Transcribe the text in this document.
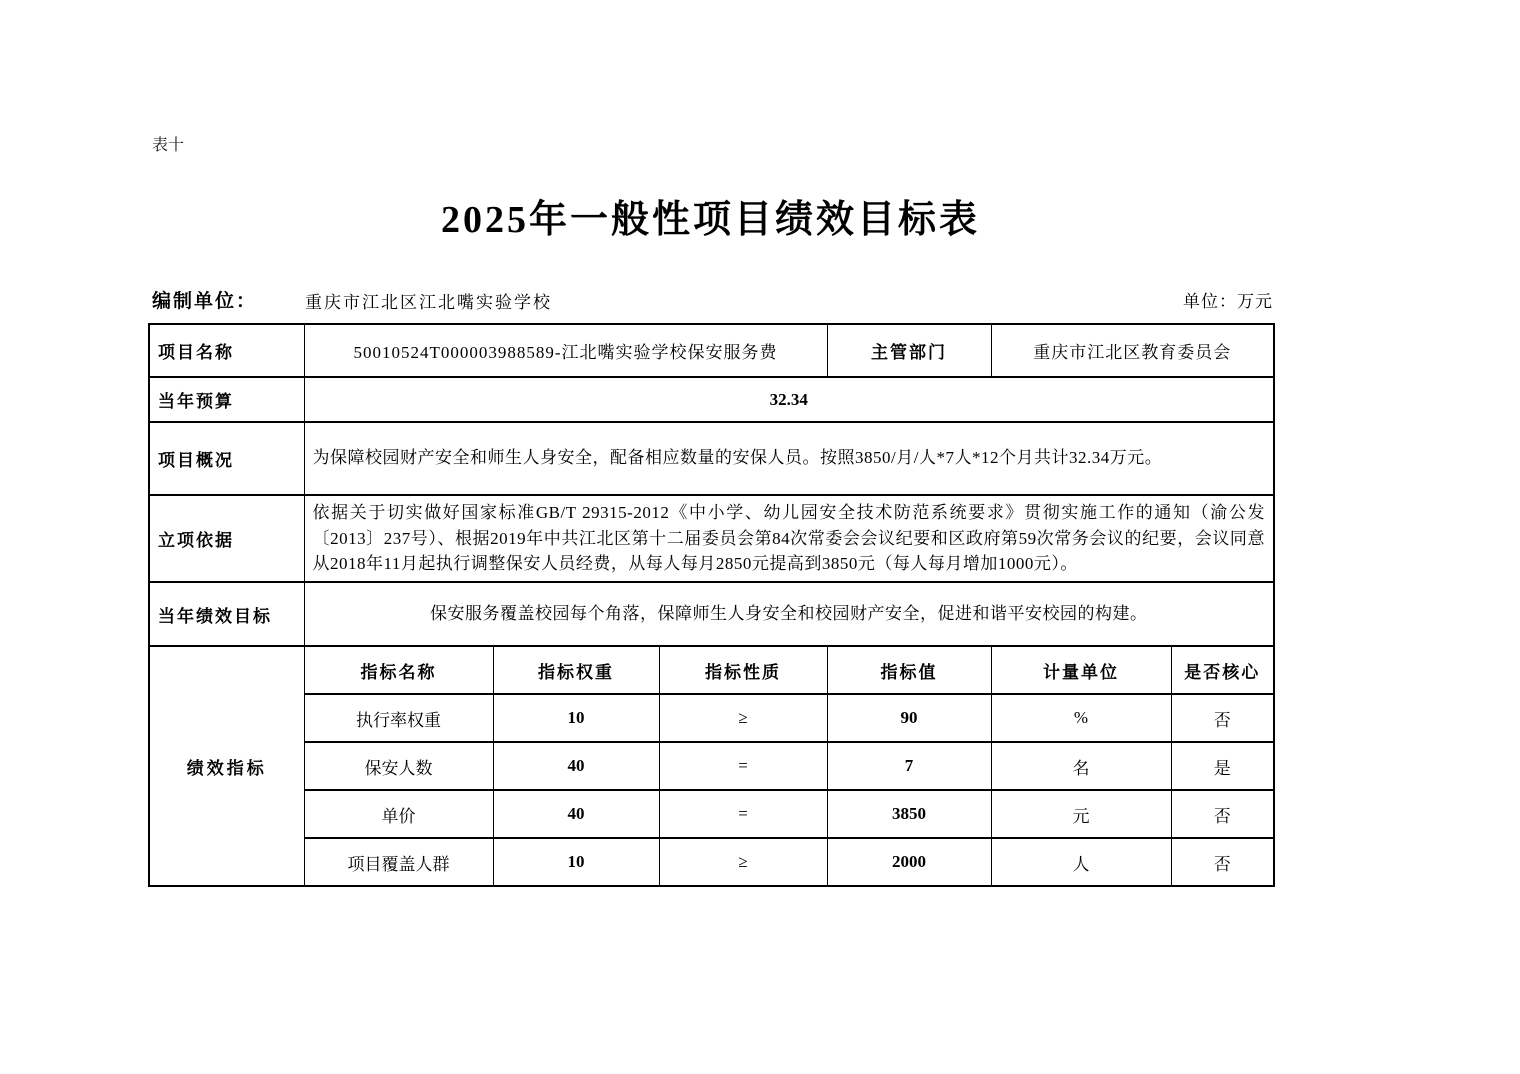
表十
2025年一般性项目绩效目标表
编制单位：	重庆市江北区江北嘴实验学校	单位：万元
项目名称	50010524T000003988589-江北嘴实验学校保安服务费			主管部门	重庆市江北区教育委员会	
当年预算	32.34					
项目概况	为保障校园财产安全和师生人身安全，配备相应数量的安保人员。按照3850/月/人*7人*12个月共计32.34万元。					
立项依据	依据关于切实做好国家标准GB/T 29315-2012《中小学、幼儿园安全技术防范系统要求》贯彻实施工作的通知（渝公发〔2013〕237号）、根据2019年中共江北区第十二届委员会第84次常委会会议纪要和区政府第59次常务会议的纪要，会议同意从2018年11月起执行调整保安人员经费，从每人每月2850元提高到3850元（每人每月增加1000元）。					
当年绩效目标	保安服务覆盖校园每个角落，保障师生人身安全和校园财产安全，促进和谐平安校园的构建。					
绩效指标	指标名称	指标权重	指标性质	指标值	计量单位	是否核心
	执行率权重	10	≥	90	%	否
	保安人数	40	=	7	名	是
	单价	40	=	3850	元	否
	项目覆盖人群	10	≥	2000	人	否
